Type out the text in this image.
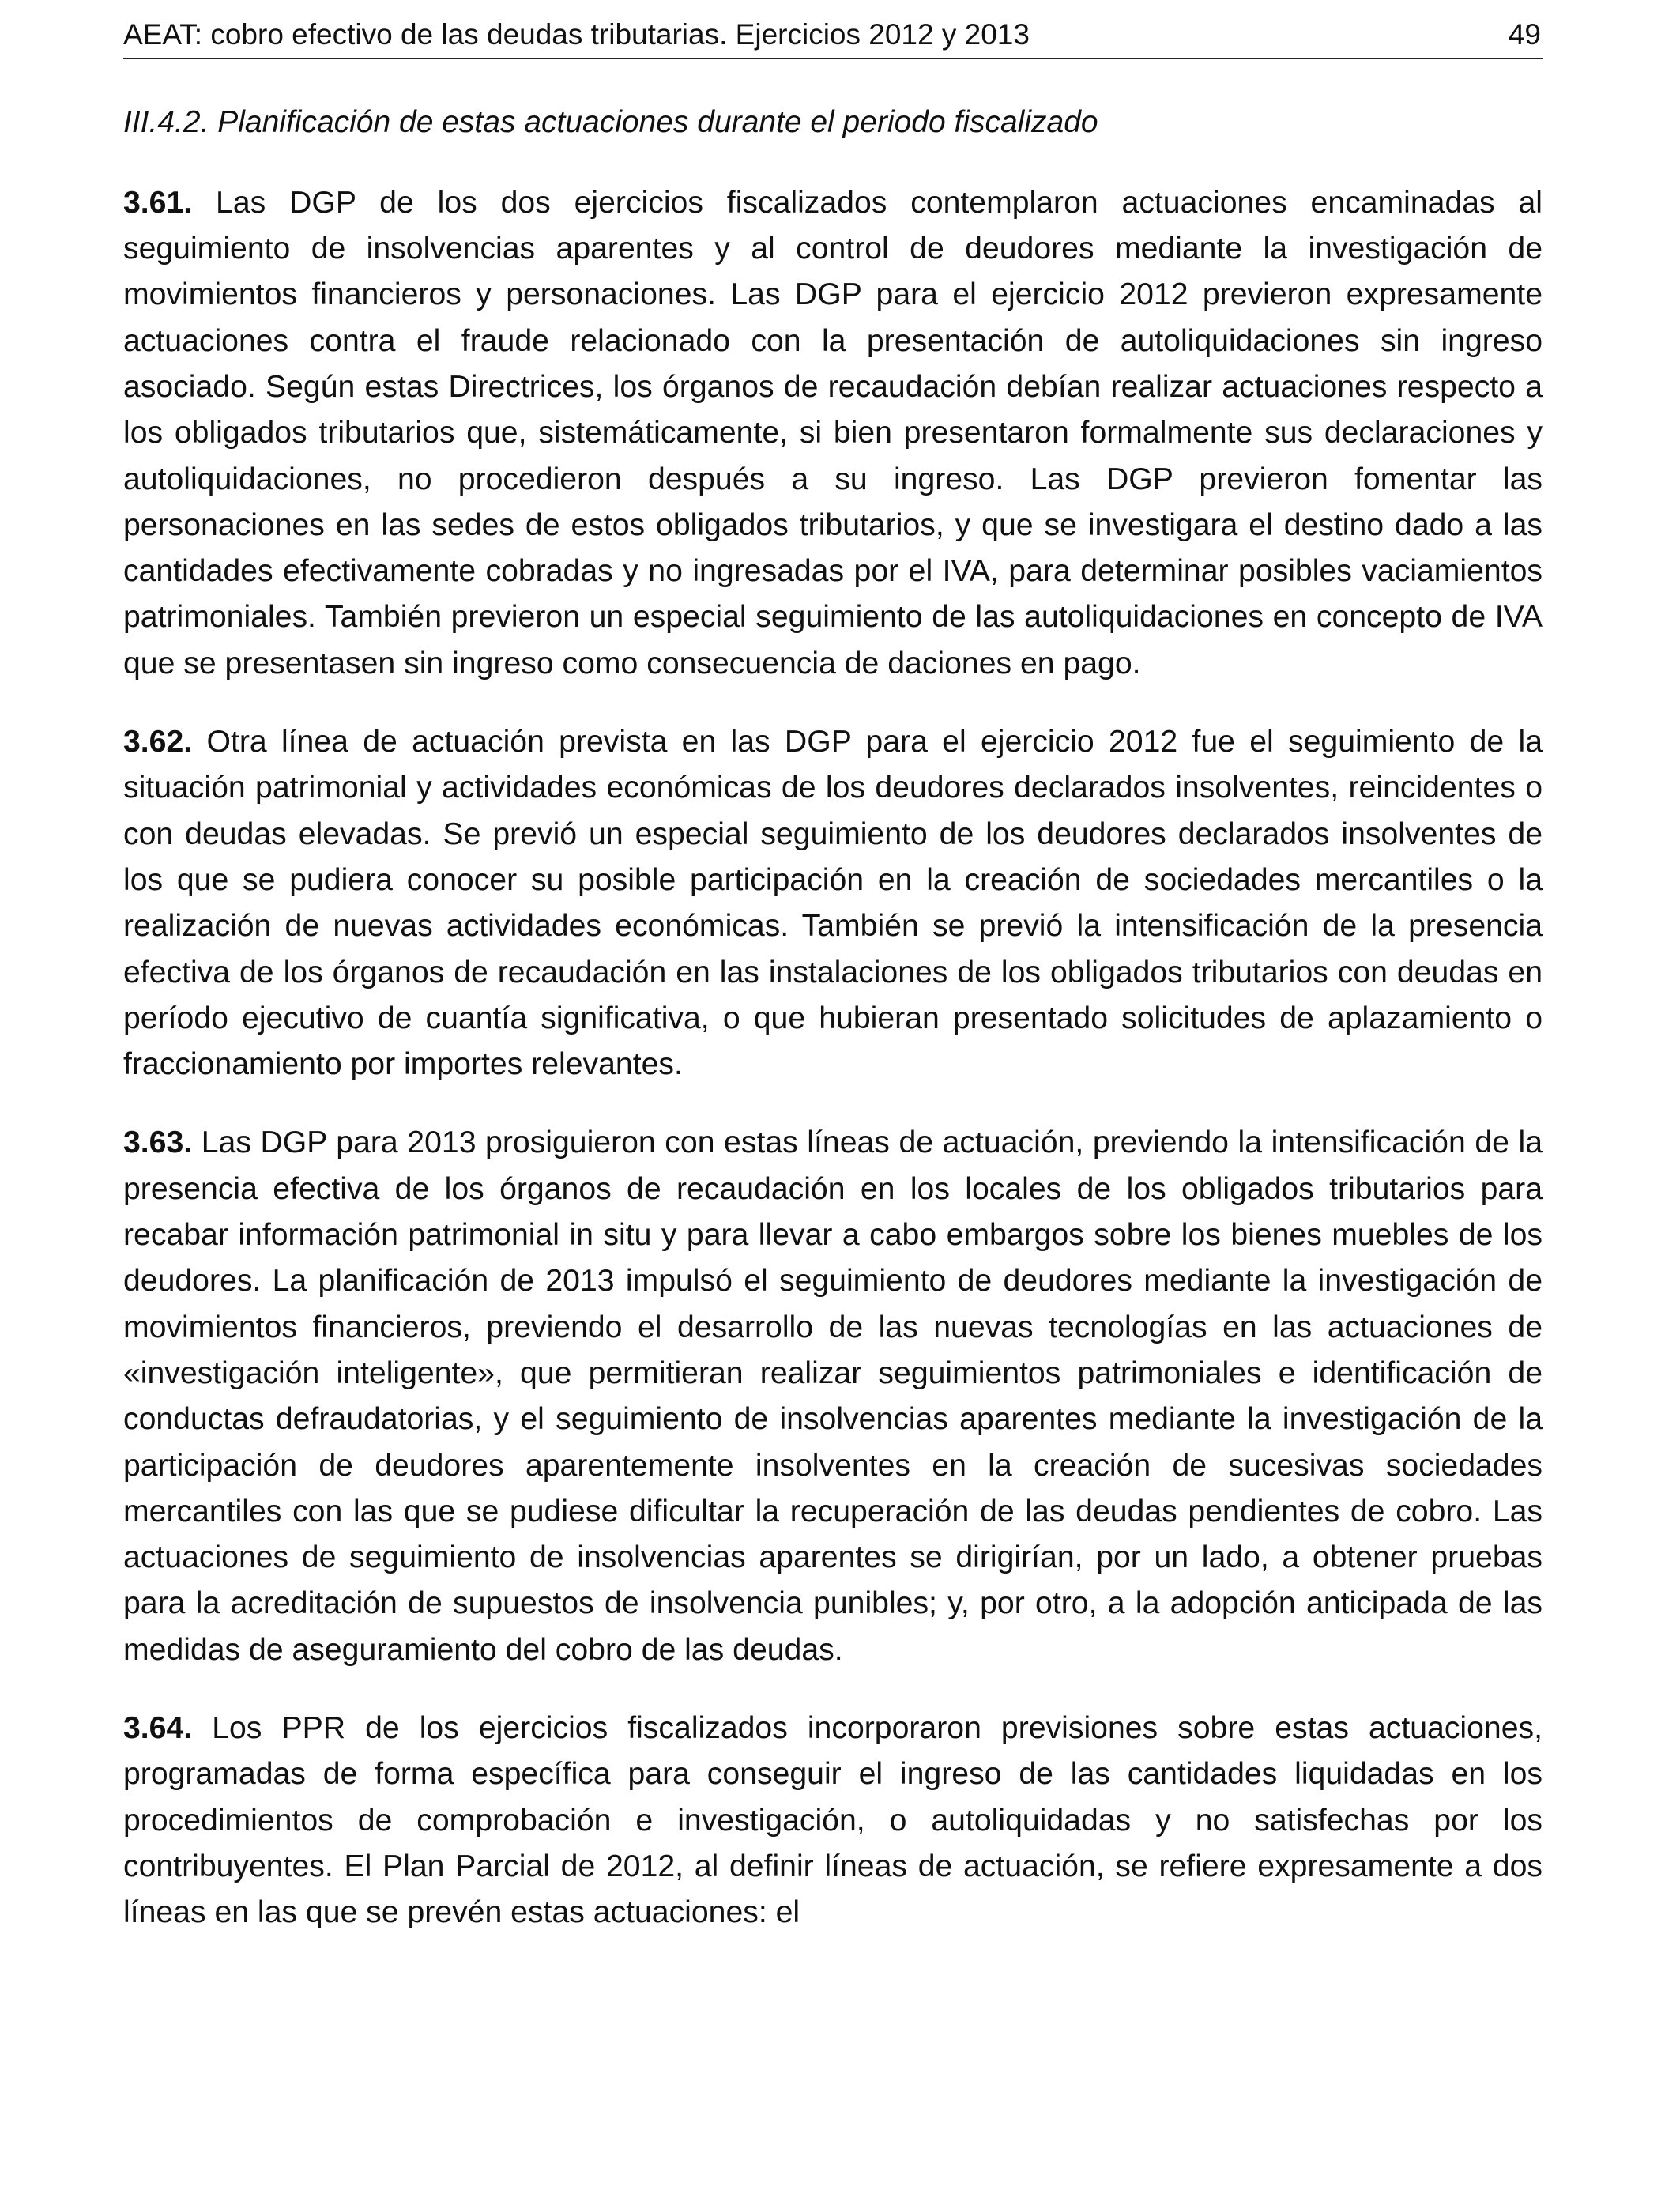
AEAT: cobro efectivo de las deudas tributarias. Ejercicios 2012 y 2013	49
III.4.2. Planificación de estas actuaciones durante el periodo fiscalizado

3.61. Las DGP de los dos ejercicios fiscalizados contemplaron actuaciones encaminadas al seguimiento de insolvencias aparentes y al control de deudores mediante la investigación de movimientos financieros y personaciones. Las DGP para el ejercicio 2012 previeron expresamente actuaciones contra el fraude relacionado con la presentación de autoliquidaciones sin ingreso asociado. Según estas Directrices, los órganos de recaudación debían realizar actuaciones respecto a los obligados tributarios que, sistemáticamente, si bien presentaron formalmente sus declaraciones y autoliquidaciones, no procedieron después a su ingreso. Las DGP previeron fomentar las personaciones en las sedes de estos obligados tributarios, y que se investigara el destino dado a las cantidades efectivamente cobradas y no ingresadas por el IVA, para determinar posibles vaciamientos patrimoniales. También previeron un especial seguimiento de las autoliquidaciones en concepto de IVA que se presentasen sin ingreso como consecuencia de daciones en pago.

3.62. Otra línea de actuación prevista en las DGP para el ejercicio 2012 fue el seguimiento de la situación patrimonial y actividades económicas de los deudores declarados insolventes, reincidentes o con deudas elevadas. Se previó un especial seguimiento de los deudores declarados insolventes de los que se pudiera conocer su posible participación en la creación de sociedades mercantiles o la realización de nuevas actividades económicas. También se previó la intensificación de la presencia efectiva de los órganos de recaudación en las instalaciones de los obligados tributarios con deudas en período ejecutivo de cuantía significativa, o que hubieran presentado solicitudes de aplazamiento o fraccionamiento por importes relevantes.

3.63. Las DGP para 2013 prosiguieron con estas líneas de actuación, previendo la intensificación de la presencia efectiva de los órganos de recaudación en los locales de los obligados tributarios para recabar información patrimonial in situ y para llevar a cabo embargos sobre los bienes muebles de los deudores. La planificación de 2013 impulsó el seguimiento de deudores mediante la investigación de movimientos financieros, previendo el desarrollo de las nuevas tecnologías en las actuaciones de «investigación inteligente», que permitieran realizar seguimientos patrimoniales e identificación de conductas defraudatorias, y el seguimiento de insolvencias aparentes mediante la investigación de la participación de deudores aparentemente insolventes en la creación de sucesivas sociedades mercantiles con las que se pudiese dificultar la recuperación de las deudas pendientes de cobro. Las actuaciones de seguimiento de insolvencias aparentes se dirigirían, por un lado, a obtener pruebas para la acreditación de supuestos de insolvencia punibles; y, por otro, a la adopción anticipada de las medidas de aseguramiento del cobro de las deudas.

3.64. Los PPR de los ejercicios fiscalizados incorporaron previsiones sobre estas actuaciones, programadas de forma específica para conseguir el ingreso de las cantidades liquidadas en los procedimientos de comprobación e investigación, o autoliquidadas y no satisfechas por los contribuyentes. El Plan Parcial de 2012, al definir líneas de actuación, se refiere expresamente a dos líneas en las que se prevén estas actuaciones: el
